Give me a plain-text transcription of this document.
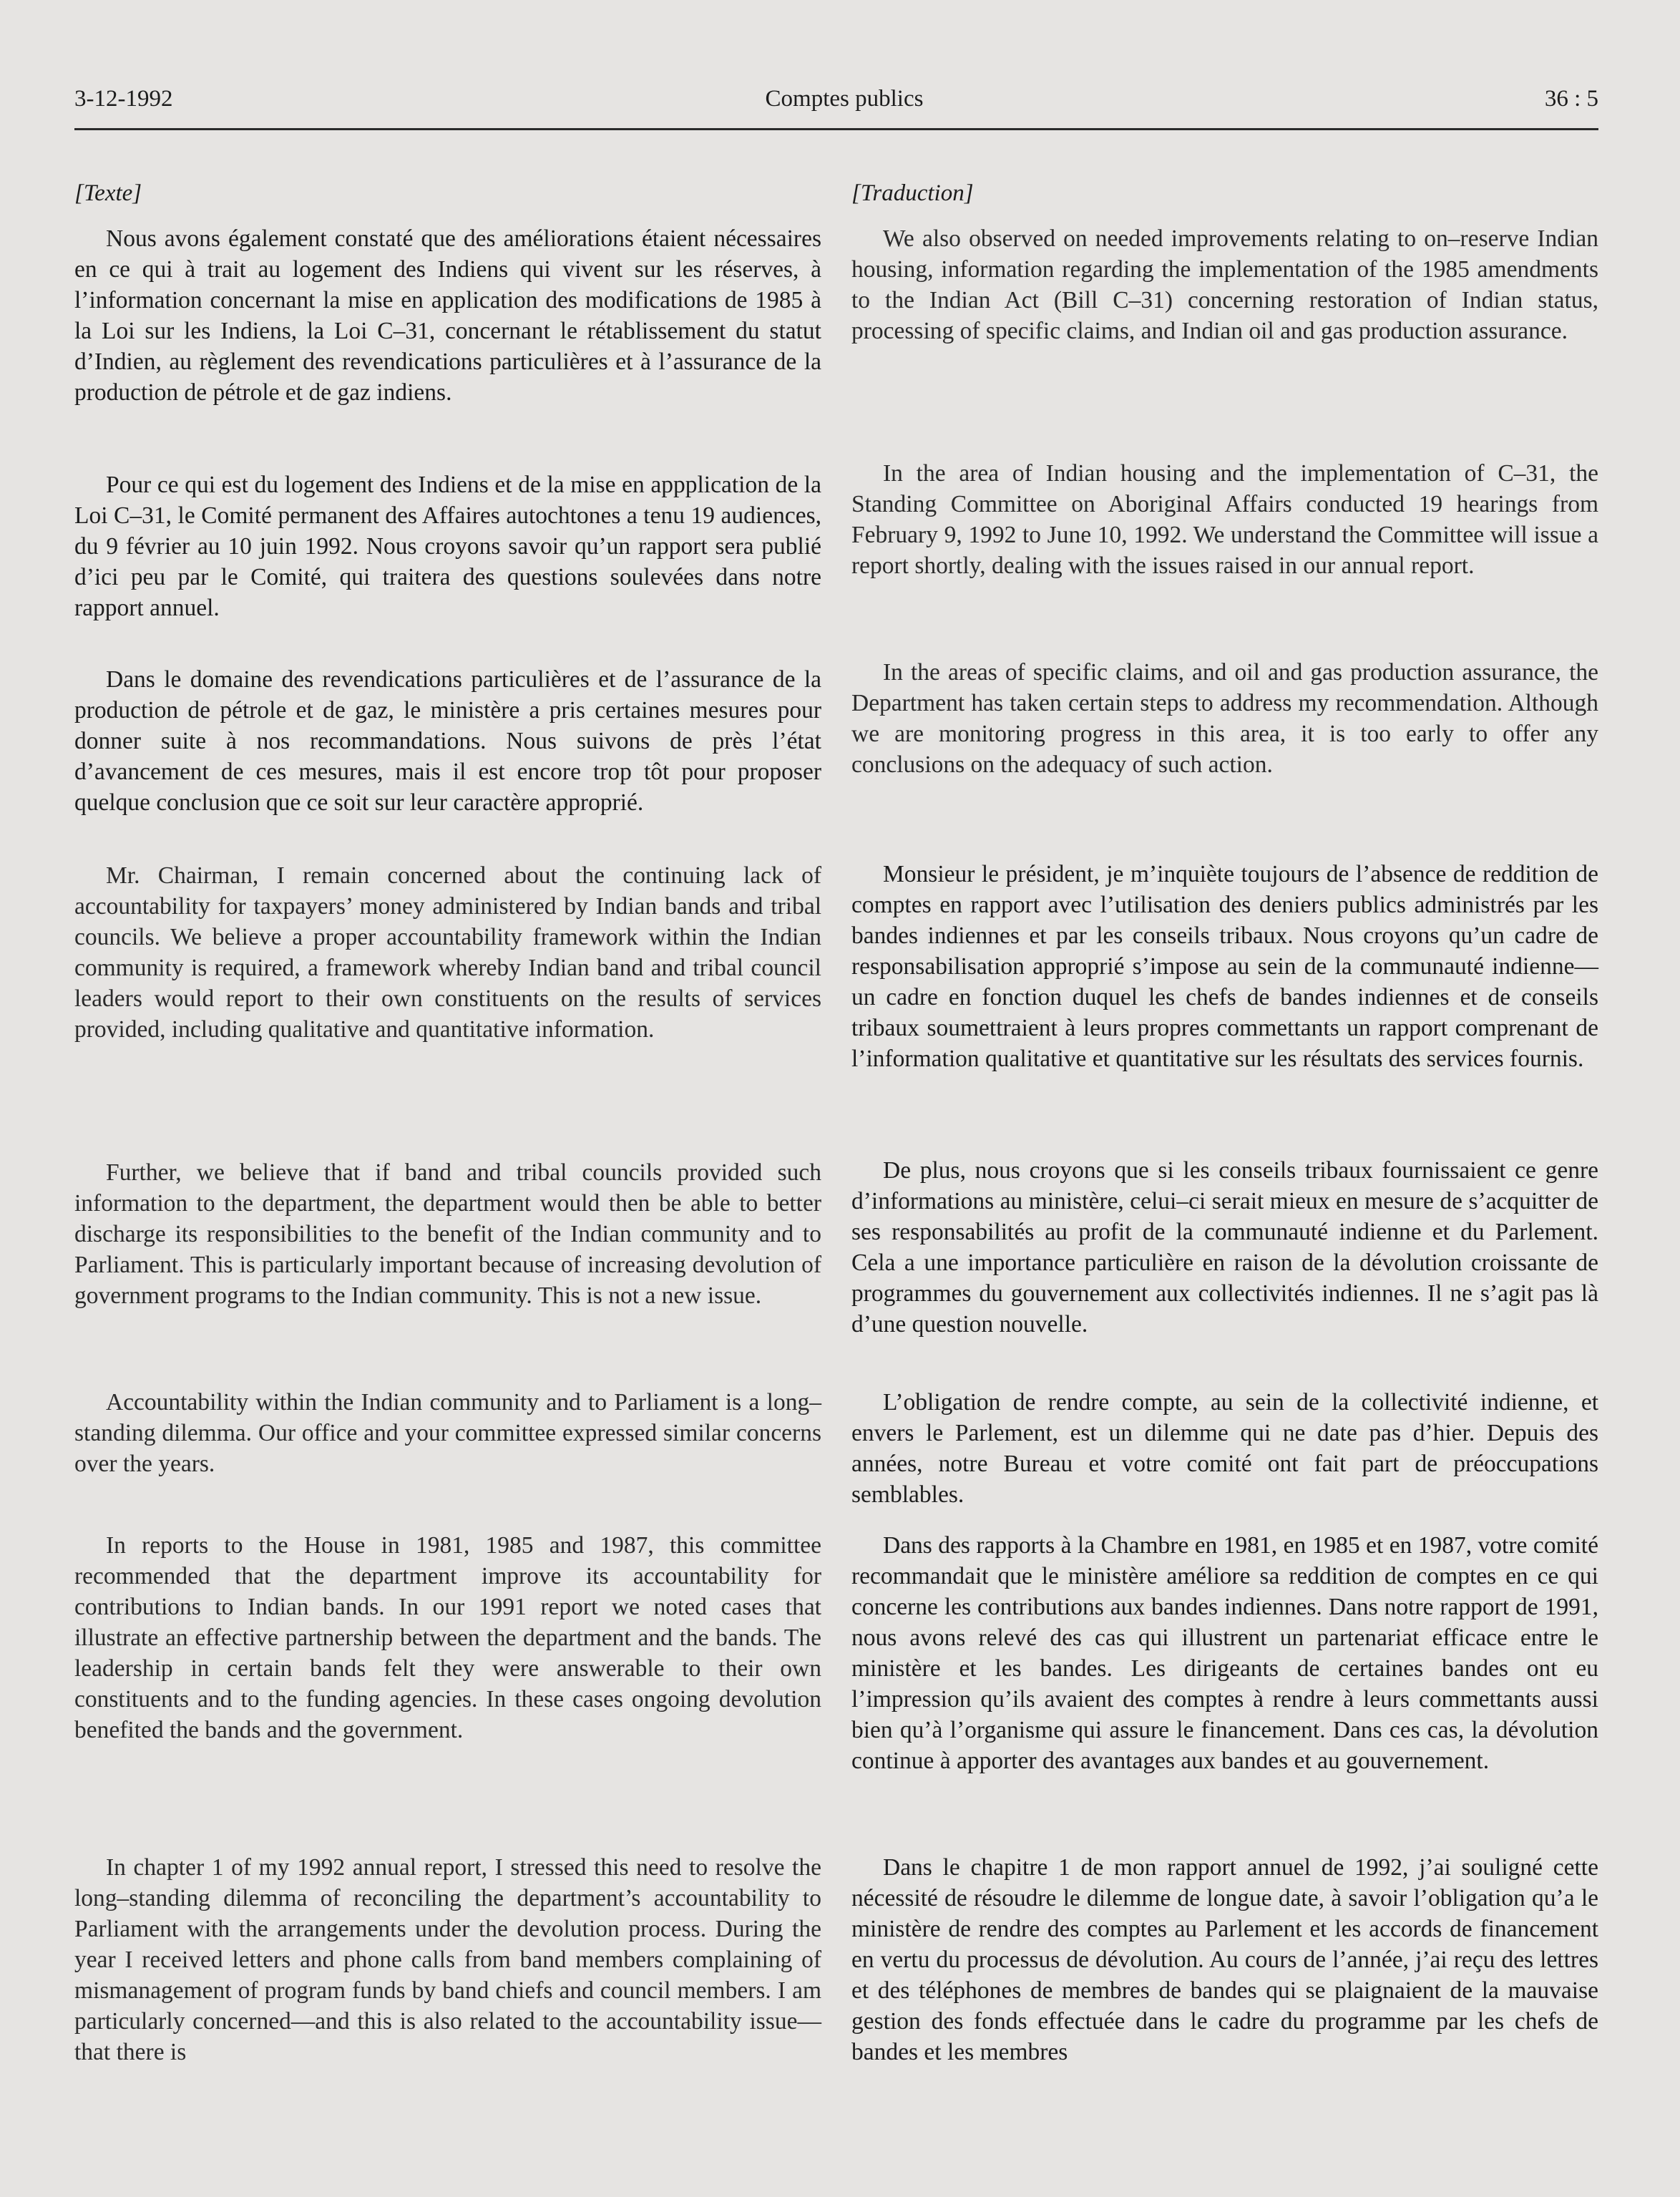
3-12-1992	Comptes publics	36 : 5
[Texte]	[Traduction]

Nous avons également constaté que des améliorations étaient nécessaires en ce qui à trait au logement des Indiens qui vivent sur les réserves, à l’information concernant la mise en application des modifications de 1985 à la Loi sur les Indiens, la Loi C–31, concernant le rétablissement du statut d’Indien, au règlement des revendications particulières et à l’assurance de la production de pétrole et de gaz indiens.

Pour ce qui est du logement des Indiens et de la mise en appplication de la Loi C–31, le Comité permanent des Affaires autochtones a tenu 19 audiences, du 9 février au 10 juin 1992. Nous croyons savoir qu’un rapport sera publié d’ici peu par le Comité, qui traitera des questions soulevées dans notre rapport annuel.

Dans le domaine des revendications particulières et de l’assurance de la production de pétrole et de gaz, le ministère a pris certaines mesures pour donner suite à nos recommandations. Nous suivons de près l’état d’avancement de ces mesures, mais il est encore trop tôt pour proposer quelque conclusion que ce soit sur leur caractère approprié.

Mr. Chairman, I remain concerned about the continuing lack of accountability for taxpayers’ money administered by Indian bands and tribal councils. We believe a proper accountability framework within the Indian community is required, a framework whereby Indian band and tribal council leaders would report to their own constituents on the results of services provided, including qualitative and quantitative information.

Further, we believe that if band and tribal councils provided such information to the department, the department would then be able to better discharge its responsibilities to the benefit of the Indian community and to Parliament. This is particularly important because of increasing devolution of government programs to the Indian community. This is not a new issue.

Accountability within the Indian community and to Parliament is a long–standing dilemma. Our office and your committee expressed similar concerns over the years.

In reports to the House in 1981, 1985 and 1987, this committee recommended that the department improve its accountability for contributions to Indian bands. In our 1991 report we noted cases that illustrate an effective partnership between the department and the bands. The leadership in certain bands felt they were answerable to their own constituents and to the funding agencies. In these cases ongoing devolution benefited the bands and the government.

In chapter 1 of my 1992 annual report, I stressed this need to resolve the long–standing dilemma of reconciling the department’s accountability to Parliament with the arrangements under the devolution process. During the year I received letters and phone calls from band members complaining of mismanagement of program funds by band chiefs and council members. I am particularly concerned—and this is also related to the accountability issue—that there is

We also observed on needed improvements relating to on–reserve Indian housing, information regarding the implementation of the 1985 amendments to the Indian Act (Bill C–31) concerning restoration of Indian status, processing of specific claims, and Indian oil and gas production assurance.

In the area of Indian housing and the implementation of C–31, the Standing Committee on Aboriginal Affairs conducted 19 hearings from February 9, 1992 to June 10, 1992. We understand the Committee will issue a report shortly, dealing with the issues raised in our annual report.

In the areas of specific claims, and oil and gas production assurance, the Department has taken certain steps to address my recommendation. Although we are monitoring progress in this area, it is too early to offer any conclusions on the adequacy of such action.

Monsieur le président, je m’inquiète toujours de l’absence de reddition de comptes en rapport avec l’utilisation des deniers publics administrés par les bandes indiennes et par les conseils tribaux. Nous croyons qu’un cadre de responsabilisation approprié s’impose au sein de la communauté indienne—un cadre en fonction duquel les chefs de bandes indiennes et de conseils tribaux soumettraient à leurs propres commettants un rapport comprenant de l’information qualitative et quantitative sur les résultats des services fournis.

De plus, nous croyons que si les conseils tribaux fournissaient ce genre d’informations au ministère, celui–ci serait mieux en mesure de s’acquitter de ses responsabilités au profit de la communauté indienne et du Parlement. Cela a une importance particulière en raison de la dévolution croissante de programmes du gouvernement aux collectivités indiennes. Il ne s’agit pas là d’une question nouvelle.

L’obligation de rendre compte, au sein de la collectivité indienne, et envers le Parlement, est un dilemme qui ne date pas d’hier. Depuis des années, notre Bureau et votre comité ont fait part de préoccupations semblables.

Dans des rapports à la Chambre en 1981, en 1985 et en 1987, votre comité recommandait que le ministère améliore sa reddition de comptes en ce qui concerne les contributions aux bandes indiennes. Dans notre rapport de 1991, nous avons relevé des cas qui illustrent un partenariat efficace entre le ministère et les bandes. Les dirigeants de certaines bandes ont eu l’impression qu’ils avaient des comptes à rendre à leurs commettants aussi bien qu’à l’organisme qui assure le financement. Dans ces cas, la dévolution continue à apporter des avantages aux bandes et au gouvernement.

Dans le chapitre 1 de mon rapport annuel de 1992, j’ai souligné cette nécessité de résoudre le dilemme de longue date, à savoir l’obligation qu’a le ministère de rendre des comptes au Parlement et les accords de financement en vertu du processus de dévolution. Au cours de l’année, j’ai reçu des lettres et des téléphones de membres de bandes qui se plaignaient de la mauvaise gestion des fonds effectuée dans le cadre du programme par les chefs de bandes et les membres
